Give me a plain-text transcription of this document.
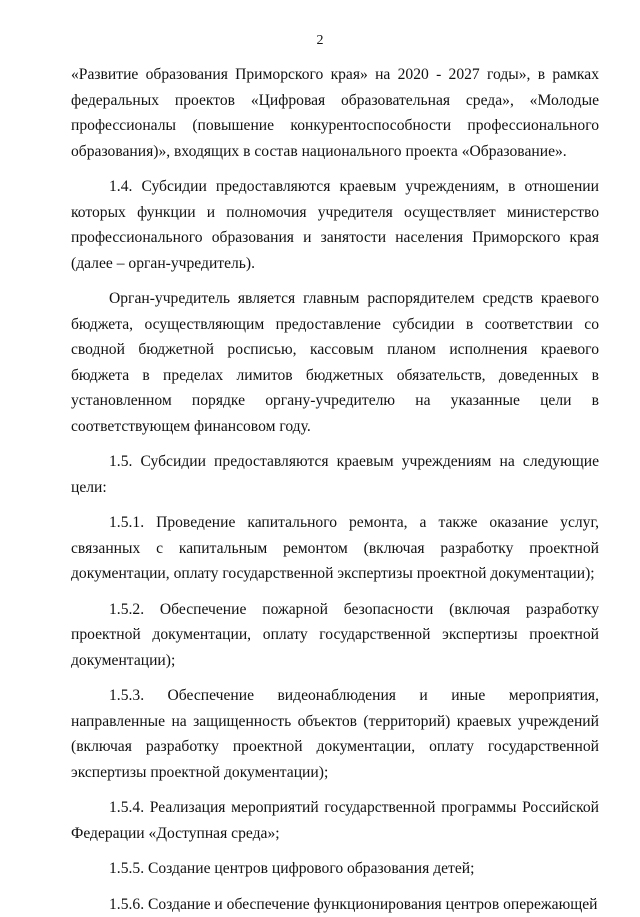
2

«Развитие образования Приморского края» на 2020 - 2027 годы», в рамках федеральных проектов «Цифровая образовательная среда», «Молодые профессионалы (повышение конкурентоспособности профессионального образования)», входящих в состав национального проекта «Образование».

1.4. Субсидии предоставляются краевым учреждениям, в отношении которых функции и полномочия учредителя осуществляет министерство профессионального образования и занятости населения Приморского края (далее – орган-учредитель).

Орган-учредитель является главным распорядителем средств краевого бюджета, осуществляющим предоставление субсидии в соответствии со сводной бюджетной росписью, кассовым планом исполнения краевого бюджета в пределах лимитов бюджетных обязательств, доведенных в установленном порядке органу-учредителю на указанные цели в соответствующем финансовом году.

1.5. Субсидии предоставляются краевым учреждениям на следующие цели:

1.5.1. Проведение капитального ремонта, а также оказание услуг, связанных с капитальным ремонтом (включая разработку проектной документации, оплату государственной экспертизы проектной документации);

1.5.2. Обеспечение пожарной безопасности (включая разработку проектной документации, оплату государственной экспертизы проектной документации);

1.5.3. Обеспечение видеонаблюдения и иные мероприятия, направленные на защищенность объектов (территорий) краевых учреждений (включая разработку проектной документации, оплату государственной экспертизы проектной документации);

1.5.4. Реализация мероприятий государственной программы Российской Федерации «Доступная среда»;

1.5.5. Создание центров цифрового образования детей;

1.5.6. Создание и обеспечение функционирования центров опережающей
